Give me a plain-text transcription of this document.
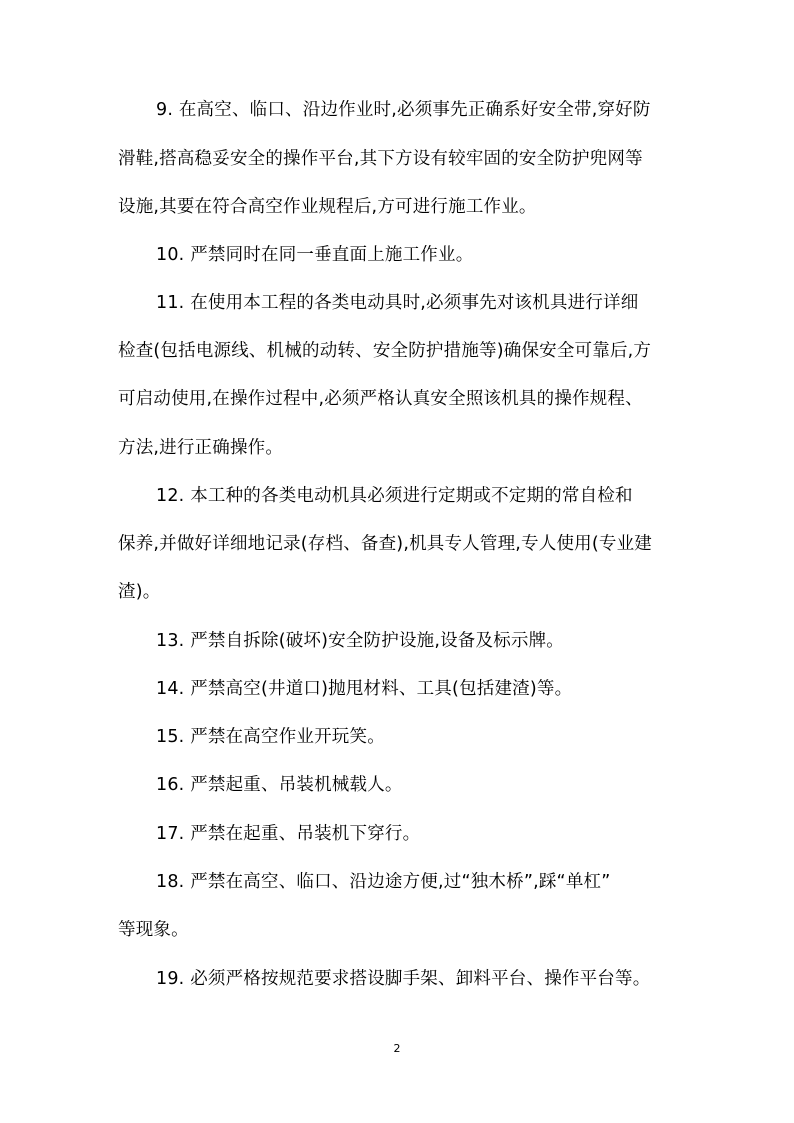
9. 在高空、临口、沿边作业时,必须事先正确系好安全带,穿好防
滑鞋,搭高稳妥安全的操作平台,其下方设有较牢固的安全防护兜网等
设施,其要在符合高空作业规程后,方可进行施工作业。
10. 严禁同时在同一垂直面上施工作业。
11. 在使用本工程的各类电动具时,必须事先对该机具进行详细
检查(包括电源线、机械的动转、安全防护措施等)确保安全可靠后,方
可启动使用,在操作过程中,必须严格认真安全照该机具的操作规程、
方法,进行正确操作。
12. 本工种的各类电动机具必须进行定期或不定期的常自检和
保养,并做好详细地记录(存档、备查),机具专人管理,专人使用(专业建
渣)。
13. 严禁自拆除(破坏)安全防护设施,设备及标示牌。
14. 严禁高空(井道口)抛甩材料、工具(包括建渣)等。
15. 严禁在高空作业开玩笑。
16. 严禁起重、吊装机械载人。
17. 严禁在起重、吊装机下穿行。
18. 严禁在高空、临口、沿边途方便,过“独木桥”,踩“单杠”
等现象。
19. 必须严格按规范要求搭设脚手架、卸料平台、操作平台等。
2
